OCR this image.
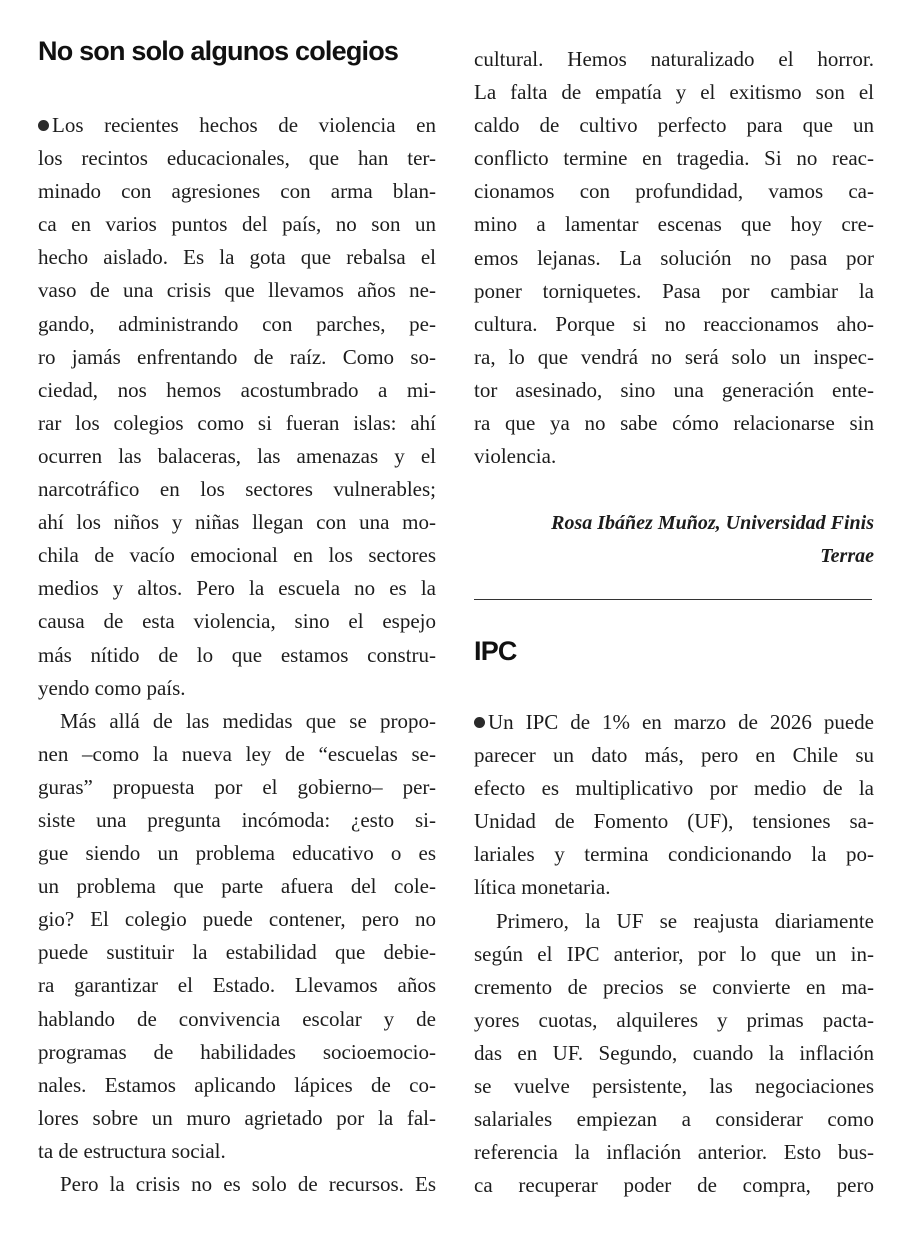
No son solo algunos colegios
Los recientes hechos de violencia en
los recintos educacionales, que han ter-
minado con agresiones con arma blan-
ca en varios puntos del país, no son un
hecho aislado. Es la gota que rebalsa el
vaso de una crisis que llevamos años ne-
gando, administrando con parches, pe-
ro jamás enfrentando de raíz. Como so-
ciedad, nos hemos acostumbrado a mi-
rar los colegios como si fueran islas: ahí
ocurren las balaceras, las amenazas y el
narcotráfico en los sectores vulnerables;
ahí los niños y niñas llegan con una mo-
chila de vacío emocional en los sectores
medios y altos. Pero la escuela no es la
causa de esta violencia, sino el espejo
más nítido de lo que estamos constru-
yendo como país.
Más allá de las medidas que se propo-
nen –como la nueva ley de “escuelas se-
guras” propuesta por el gobierno– per-
siste una pregunta incómoda: ¿esto si-
gue siendo un problema educativo o es
un problema que parte afuera del cole-
gio? El colegio puede contener, pero no
puede sustituir la estabilidad que debie-
ra garantizar el Estado. Llevamos años
hablando de convivencia escolar y de
programas de habilidades socioemocio-
nales. Estamos aplicando lápices de co-
lores sobre un muro agrietado por la fal-
ta de estructura social.
Pero la crisis no es solo de recursos. Es
cultural. Hemos naturalizado el horror.
La falta de empatía y el exitismo son el
caldo de cultivo perfecto para que un
conflicto termine en tragedia. Si no reac-
cionamos con profundidad, vamos ca-
mino a lamentar escenas que hoy cre-
emos lejanas. La solución no pasa por
poner torniquetes. Pasa por cambiar la
cultura. Porque si no reaccionamos aho-
ra, lo que vendrá no será solo un inspec-
tor asesinado, sino una generación ente-
ra que ya no sabe cómo relacionarse sin
violencia.
Rosa Ibáñez Muñoz, Universidad Finis
Terrae
IPC
Un IPC de 1% en marzo de 2026 puede
parecer un dato más, pero en Chile su
efecto es multiplicativo por medio de la
Unidad de Fomento (UF), tensiones sa-
lariales y termina condicionando la po-
lítica monetaria.
Primero, la UF se reajusta diariamente
según el IPC anterior, por lo que un in-
cremento de precios se convierte en ma-
yores cuotas, alquileres y primas pacta-
das en UF. Segundo, cuando la inflación
se vuelve persistente, las negociaciones
salariales empiezan a considerar como
referencia la inflación anterior. Esto bus-
ca recuperar poder de compra, pero
